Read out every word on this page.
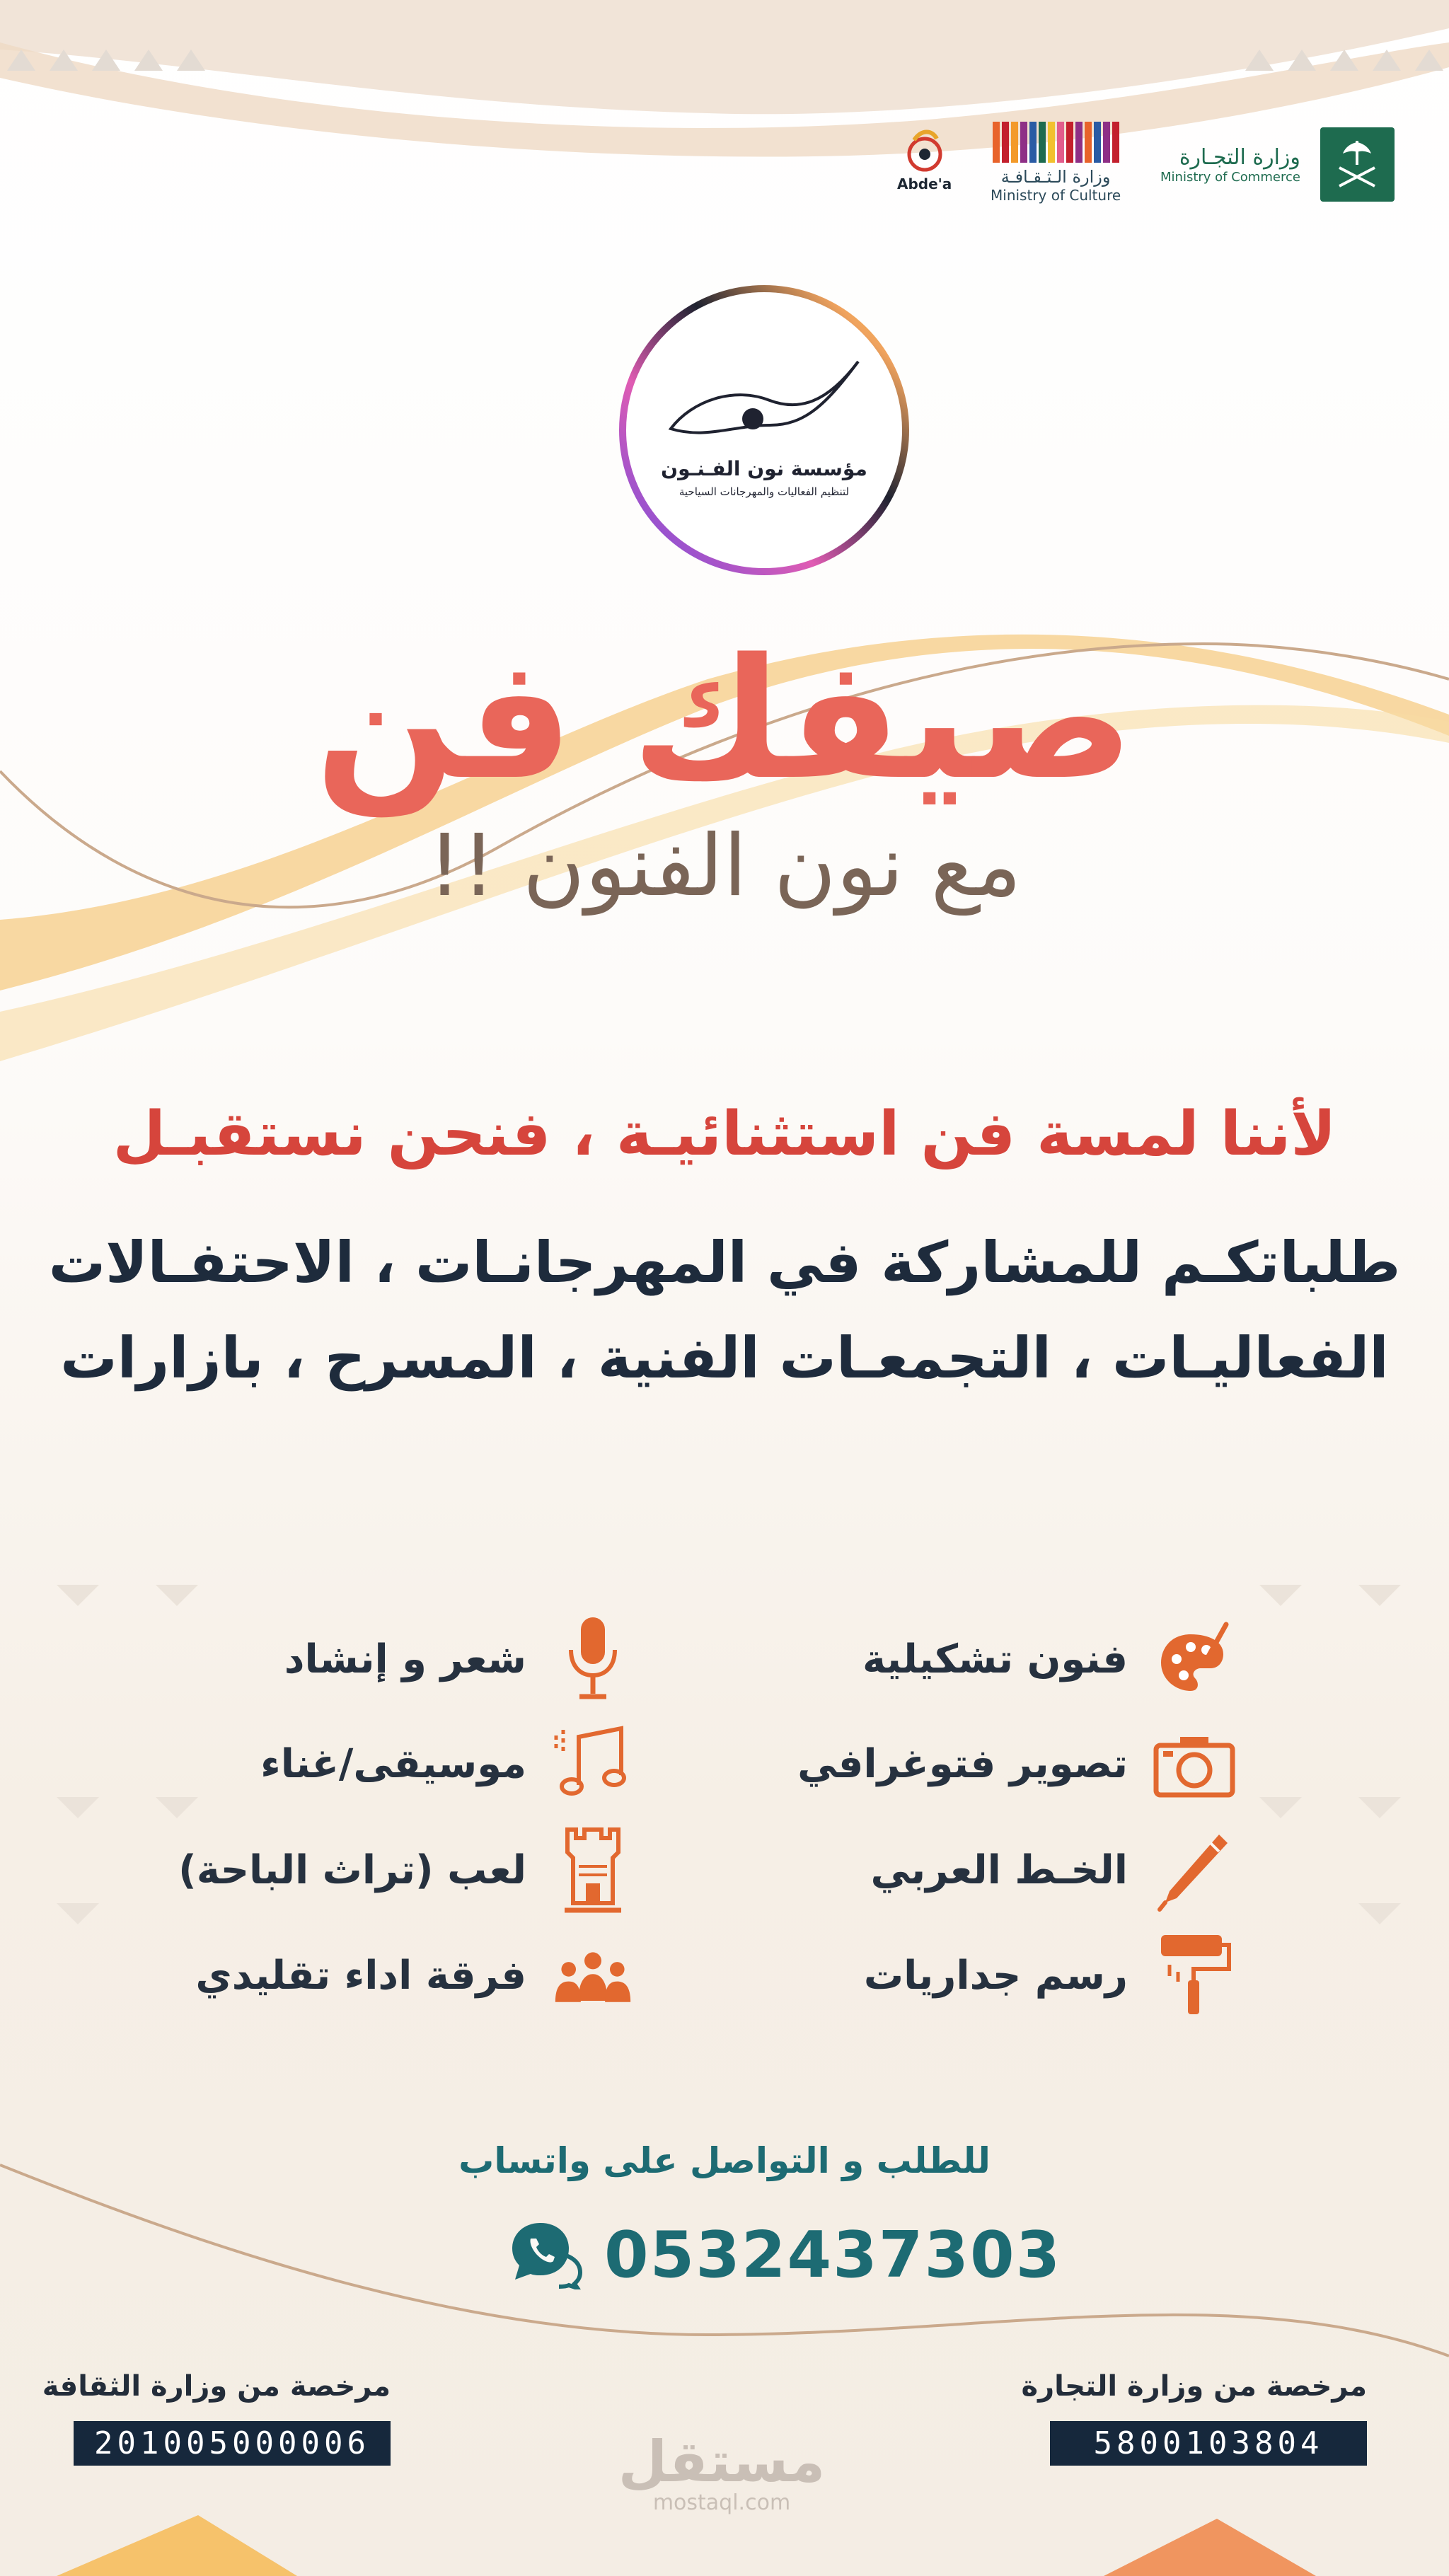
وزارة التجـارة
Ministry of Commerce
وزارة الـثـقـافـة
Ministry of Culture
Abde'a
مؤسسة نون الفـنـون
لتنظيم الفعاليات والمهرجانات السياحية
صيفك فن
مع نون الفنون !!
لأننا لمسة فن استثنائيـة ، فنحن نستقبـل
طلباتكـم للمشاركة في المهرجانـات ، الاحتفـالات
الفعاليـات ، التجمعـات الفنية ، المسرح ، بازارات
فنون تشكيلية
تصوير فتوغرافي
الخـط العربي
رسم جداريات
شعر و إنشاد
موسيقى/غناء
لعب (تراث الباحة)
فرقة اداء تقليدي
للطلب و التواصل على واتساب
0532437303
مرخصة من وزارة التجارة
5800103804
مرخصة من وزارة الثقافة
201005000006	مستقل
mostaql.com
